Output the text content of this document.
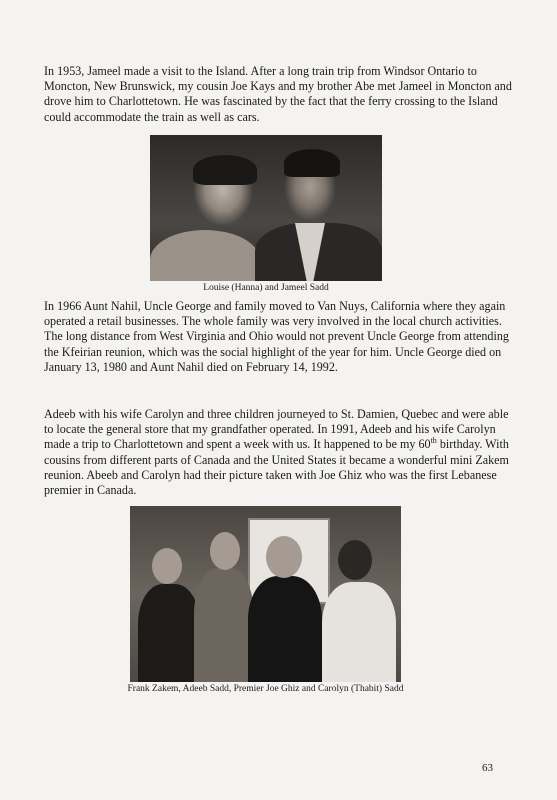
In 1953, Jameel made a visit to the Island. After a long train trip from Windsor Ontario to Moncton, New Brunswick, my cousin Joe Kays and my brother Abe met Jameel in Moncton and drove him to Charlottetown. He was fascinated by the fact that the ferry crossing to the Island could accommodate the train as well as cars.

Louise (Hanna) and Jameel Sadd

In 1966 Aunt Nahil, Uncle George and family moved to Van Nuys, California where they again operated a retail businesses. The whole family was very involved in the local church activities. The long distance from West Virginia and Ohio would not prevent Uncle George from attending the Kfeirian reunion, which was the social highlight of the year for him. Uncle George died on January 13, 1980 and Aunt Nahil died on February 14, 1992.

Adeeb with his wife Carolyn and three children journeyed to St. Damien, Quebec and were able to locate the general store that my grandfather operated. In 1991, Adeeb and his wife Carolyn made a trip to Charlottetown and spent a week with us. It happened to be my 60th birthday. With cousins from different parts of Canada and the United States it became a wonderful mini Zakem reunion. Abeeb and Carolyn had their picture taken with Joe Ghiz who was the first Lebanese premier in Canada.

Frank Zakem, Adeeb Sadd, Premier Joe Ghiz and Carolyn (Thabit) Sadd

63
